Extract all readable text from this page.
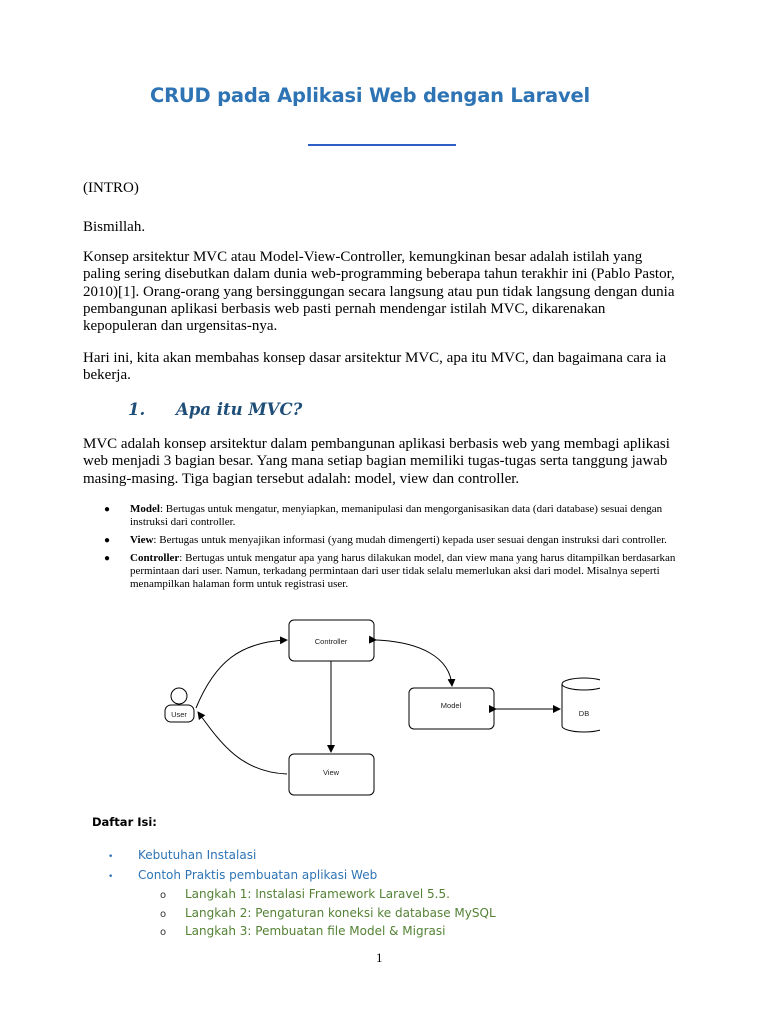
CRUD pada Aplikasi Web dengan Laravel
(INTRO)
Bismillah.
Konsep arsitektur MVC atau Model-View-Controller, kemungkinan besar adalah istilah yang paling sering disebutkan dalam dunia web-programming beberapa tahun terakhir ini (Pablo Pastor, 2010)[1]. Orang-orang yang bersinggungan secara langsung atau pun tidak langsung dengan dunia pembangunan aplikasi berbasis web pasti pernah mendengar istilah MVC, dikarenakan kepopuleran dan urgensitas-nya.
Hari ini, kita akan membahas konsep dasar arsitektur MVC, apa itu MVC, dan bagaimana cara ia bekerja.
1. Apa itu MVC?
MVC adalah konsep arsitektur dalam pembangunan aplikasi berbasis web yang membagi aplikasi web menjadi 3 bagian besar. Yang mana setiap bagian memiliki tugas-tugas serta tanggung jawab masing-masing. Tiga bagian tersebut adalah: model, view dan controller.
● Model: Bertugas untuk mengatur, menyiapkan, memanipulasi dan mengorganisasikan data (dari database) sesuai dengan instruksi dari controller.
● View: Bertugas untuk menyajikan informasi (yang mudah dimengerti) kepada user sesuai dengan instruksi dari controller.
● Controller: Bertugas untuk mengatur apa yang harus dilakukan model, dan view mana yang harus ditampilkan berdasarkan permintaan dari user. Namun, terkadang permintaan dari user tidak selalu memerlukan aksi dari model. Misalnya seperti menampilkan halaman form untuk registrasi user.
Controller
Model
View
DB
User
Daftar Isi:
• Kebutuhan Instalasi
• Contoh Praktis pembuatan aplikasi Web
o Langkah 1: Instalasi Framework Laravel 5.5.
o Langkah 2: Pengaturan koneksi ke database MySQL
o Langkah 3: Pembuatan file Model & Migrasi
1
